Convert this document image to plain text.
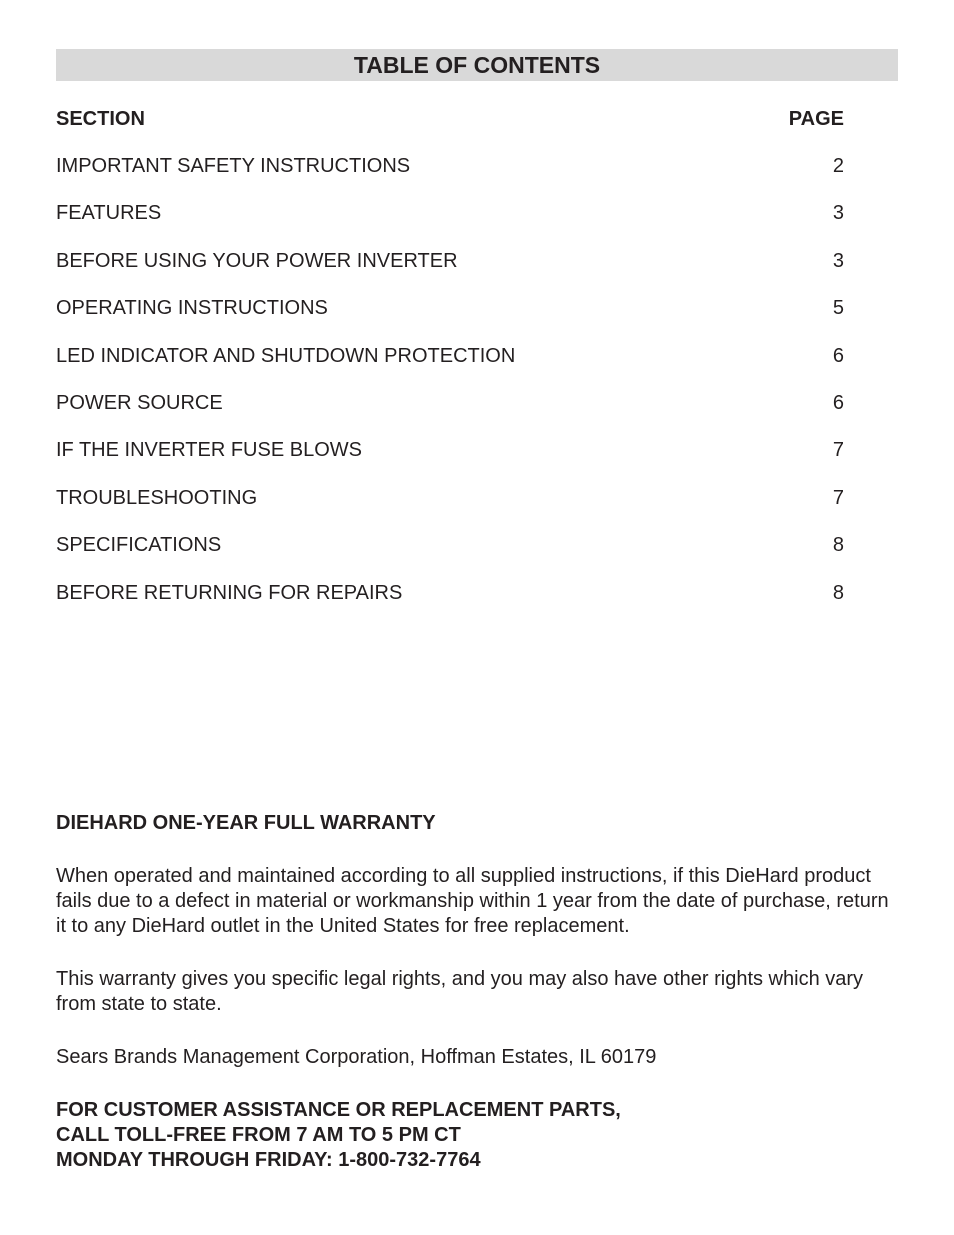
TABLE OF CONTENTS
SECTION	PAGE
IMPORTANT SAFETY INSTRUCTIONS	2
FEATURES	3
BEFORE USING YOUR POWER INVERTER	3
OPERATING INSTRUCTIONS	5
LED INDICATOR AND SHUTDOWN PROTECTION	6
POWER SOURCE	6
IF THE INVERTER FUSE BLOWS	7
TROUBLESHOOTING	7
SPECIFICATIONS	8
BEFORE RETURNING FOR REPAIRS	8

DIEHARD ONE-YEAR FULL WARRANTY

When operated and maintained according to all supplied instructions, if this DieHard product fails due to a defect in material or workmanship within 1 year from the date of purchase, return it to any DieHard outlet in the United States for free replacement.

This warranty gives you specific legal rights, and you may also have other rights which vary from state to state.

Sears Brands Management Corporation, Hoffman Estates, IL 60179

FOR CUSTOMER ASSISTANCE OR REPLACEMENT PARTS,
CALL TOLL-FREE FROM 7 AM TO 5 PM CT
MONDAY THROUGH FRIDAY: 1-800-732-7764
